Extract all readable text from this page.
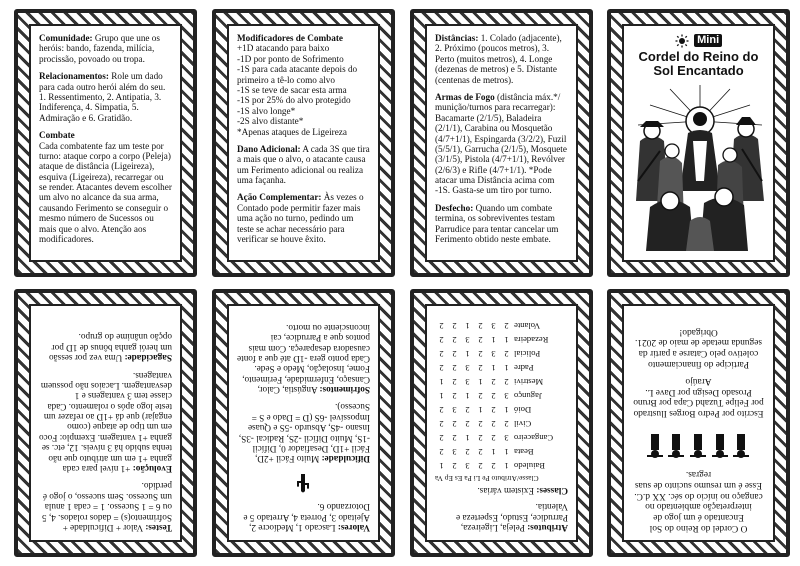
Comunidade: Grupo que une os heróis: bando, fazenda, milícia, procissão, povoado ou tropa.

Relacionamentos: Role um dado para cada outro herói além do seu. 1. Ressentimento, 2. Antipatia, 3. Indiferença, 4. Simpatia, 5. Admiração e 6. Gratidão.

Combate
Cada combatente faz um teste por turno: ataque corpo a corpo (Peleja) ataque de distância (Ligeireza), esquiva (Ligeireza), recarregar ou se render. Atacantes devem escolher um alvo no alcance da sua arma, causando Ferimento se conseguir o mesmo número de Sucessos ou mais que o alvo. Atenção aos modificadores.

Modificadores de Combate
+1D atacando para baixo
-1D por ponto de Sofrimento
-1S para cada atacante depois do primeiro a tê-lo como alvo
-1S se teve de sacar esta arma
-1S por 25% do alvo protegido
-1S alvo longe*
-2S alvo distante*
*Apenas ataques de Ligeireza

Dano Adicional: A cada 3S que tira a mais que o alvo, o atacante causa um Ferimento adicional ou realiza uma façanha.

Ação Complementar: Às vezes o Contado pode permitir fazer mais uma ação no turno, pedindo um teste se achar necessário para verificar se houve êxito.

Distâncias: 1. Colado (adjacente), 2. Próximo (poucos metros), 3. Perto (muitos metros), 4. Longe (dezenas de metros) e 5. Distante (centenas de metros).

Armas de Fogo (distância máx.*/ munição/turnos para recarregar): Bacamarte (2/1/5), Baladeira (2/1/1), Carabina ou Mosquetão (4/7+1/1), Espingarda (3/2/2), Fuzil (5/5/1), Garrucha (2/1/5), Mosquete (3/1/5), Pistola (4/7+1/1), Revólver (2/6/3) e Rifle (4/7+1/1). *Pode atacar uma Distância acima com -1S. Gasta-se um tiro por turno.

Desfecho: Quando um combate termina, os sobreviventes testam Parrudice para tentar cancelar um Ferimento obtido neste embate.

Mini
Cordel do Reino do Sol Encantado

Testes: Valor + Dificuldade + Sofrimento(s) = dados rolados. 4, 5 ou 6 = 1 Sucesso. 1 = cada 1 anula um Sucesso. Sem sucesso, o jogo é perdido.

Evolução: +1 nível para cada ganha +1 em um atributo que não tenha subido há 3 níveis. 12, etc. se ganha +1 vantagem. Exemplo: Foco em um tipo de ataque (como engajar) que dá +1D ao refazer um teste logo após o rolamento. Cada classe tem 3 vantagens e 1 desvantagem. Lacaios não possuem vantagens.

Sagacidade: Uma vez por sessão um herói ganha bônus de 1D por opção unânime do grupo.

Valores: Lascado 1, Medíocre 2, Ajeitado 3, Porreta 4, Arretado 5 e Dotorzando 6.

Dificuldade: Muito Fácil +2D, Fácil +1D, Desafiador 0, Difícil -1S, Muito Difícil -2S, Radical -3S, Insano -4S, Absurdo -5S e Quase Impossível -6S (D = Dado e S = Sucesso).

Sofrimentos: Angústia, Calor, Cansaço, Enfermidade, Ferimento, Fome, Insolação, Medo e Sede. Cada ponto gera -1D até que a fonte causadora desapareça. Com mais pontos que a Parrudice, cai inconsciente ou morto.

Atributos: Peleja, Ligeireza, Parrudice, Estudo, Esperteza e Valentia.

Classes: Existem várias.

Classe/Atributo Pe Li Pa Es Ep Va
Baiuledo	1	2	2	3	2	1
Beata	1	1	2	2	3	2
Cangaceiro	3	2	2	1	2	2
Civil	2	2	2	2	2	2
Doió	1	2	1	2	3	2
Jagunço	3	2	2	1	2	1
Mestrivi	2	2	1	3	2	1
Padre	1	1	2	3	2	2
Policial	2	3	2	1	2	2
Rezadeira	1	1	2	3	2	2
Volante	2	3	2	1	2	2

O Cordel do Reino do Sol Encantado é um jogo de interpretação ambientado no cangaço no início do séc. XX d.C. Esse é um resumo sucinto de suas regras.

Escrito por Pedro Borges Ilustrado por Felipe Tuzahd Capa por Bruno Prosado Design por Dave L. Araújo

Participe do financiamento coletivo pelo Catarse a partir da segunda metade de maio de 2021. Obrigado!
